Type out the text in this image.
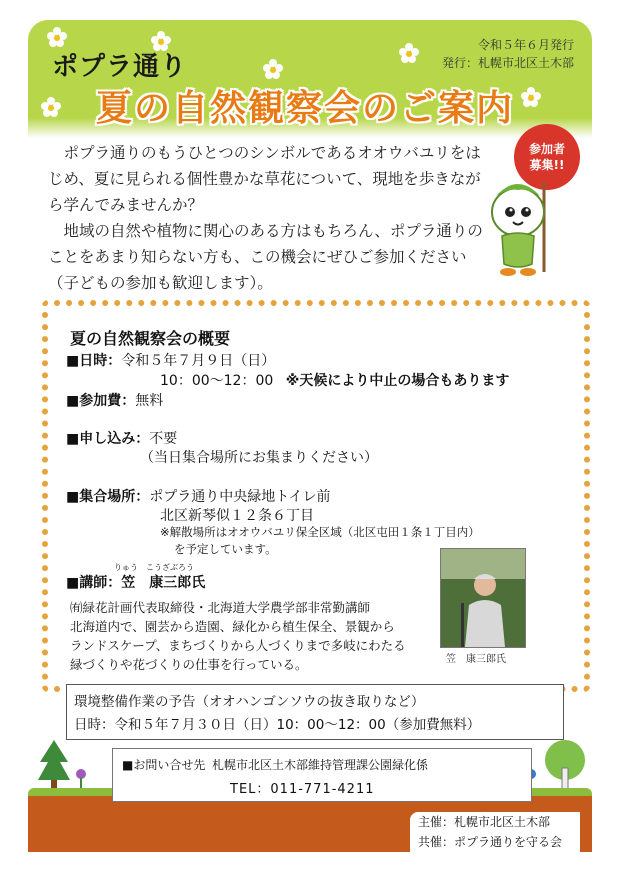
ポプラ通り
夏の自然観察会のご案内
令和５年６月発行
発行：札幌市北区土木部

ポプラ通りのもうひとつのシンボルであるオオウバユリをはじめ、夏に見られる個性豊かな草花について、現地を歩きながら学んでみませんか？

地域の自然や植物に関心のある方はもちろん、ポプラ通りのことをあまり知らない方も、この機会にぜひご参加ください（子どもの参加も歓迎します）。

参加者
募集!!
夏の自然観察会の概要
■日時：令和５年７月９日（日）
10：00～12：00 ※天候により中止の場合もあります
■参加費：無料
■申し込み：不要
（当日集合場所にお集まりください）
■集合場所：ポプラ通り中央緑地トイレ前
北区新琴似１２条６丁目
※解散場所はオオウバユリ保全区域（北区屯田１条１丁目内）
を予定しています。
りゅう　こうざぶろう
■講師：笠　康三郎氏
㈲緑花計画代表取締役・北海道大学農学部非常勤講師
北海道内で、園芸から造園、緑化から植生保全、景観から
ランドスケープ、まちづくりから人づくりまで多岐にわたる
緑づくりや花づくりの仕事を行っている。	笠　康三郎氏
環境整備作業の予告（オオハンゴンソウの抜き取りなど）
日時：令和５年７月３０日（日）10：00～12：00（参加費無料）
■お問い合せ先 札幌市北区土木部維持管理課公園緑化係
TEL：011-771-4211
主催：札幌市北区土木部
共催：ポプラ通りを守る会
